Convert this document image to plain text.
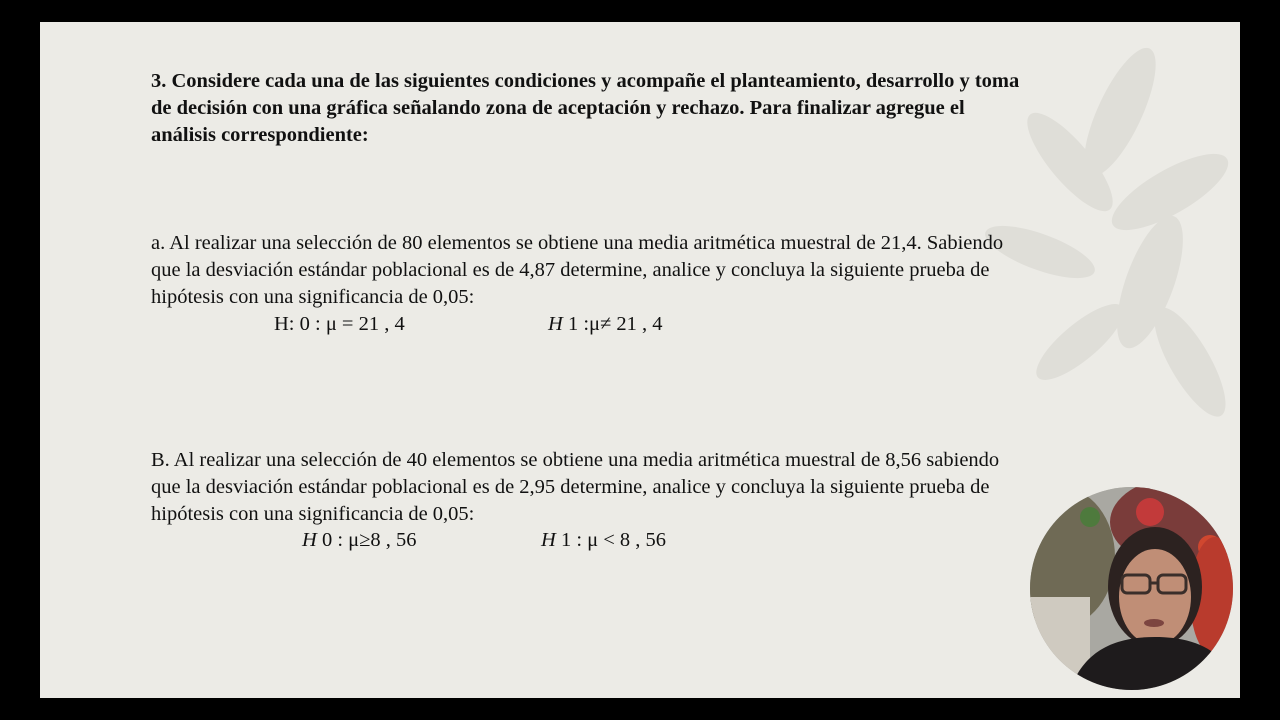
3. Considere cada una de las siguientes condiciones y acompañe el planteamiento, desarrollo y toma
de decisión con una gráfica señalando zona de aceptación y rechazo. Para finalizar agregue el
análisis correspondiente:
a. Al realizar una selección de 80 elementos se obtiene una media aritmética muestral de 21,4. Sabiendo
que la desviación estándar poblacional es de 4,87 determine, analice y concluya la siguiente prueba de
hipótesis con una significancia de 0,05:
H: 0 : μ = 21 , 4	H 1 :μ≠ 21 , 4
B. Al realizar una selección de 40 elementos se obtiene una media aritmética muestral de 8,56 sabiendo
que la desviación estándar poblacional es de 2,95 determine, analice y concluya la siguiente prueba de
hipótesis con una significancia de 0,05:
H 0 : μ≥8 , 56	H 1 : μ < 8 , 56
